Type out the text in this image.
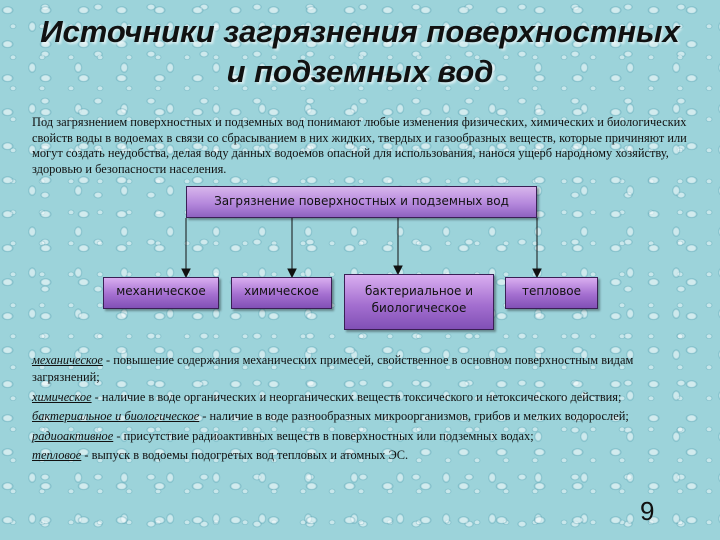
Источники загрязнения поверхностных
и подземных вод
Под загрязнением поверхностных и подземных вод понимают любые изменения физических, химических и биологических свойств воды в водоемах в связи со сбрасыванием в них жидких, твердых и газообразных веществ, которые причиняют или могут создать неудобства, делая воду данных водоемов опасной для использования, нанося ущерб народному хозяйству, здоровью и безопасности населения.
Загрязнение поверхностных и подземных вод
механическое	химическое	бактериальное и биологическое
тепловое

механическое - повышение содержания механических примесей, свойственное в основном поверхностным видам загрязнений;

химическое - наличие в воде органических и неорганических веществ токсического и нетоксического действия;

бактериальное и биологическое - наличие в воде разнообразных микроорганизмов, грибов и мелких водорослей;

радиоактивное - присутствие радиоактивных веществ в поверхностных или подземных водах;

тепловое - выпуск в водоемы подогретых вод тепловых и атомных ЭС.

9
